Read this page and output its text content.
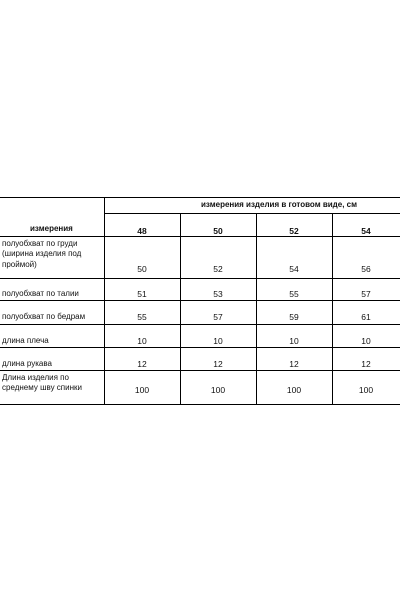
измерения изделия в готовом виде, см
измерения	48	50	52	54
полуобхват по груди
(ширина изделия под
проймой)	50	52	54	56
полуобхват по талии	51	53	55	57
полуобхват по бедрам	55	57	59	61
длина плеча	10	10	10	10
длина рукава	12	12	12	12
Длина изделия по
среднему шву спинки	100	100	100	100
